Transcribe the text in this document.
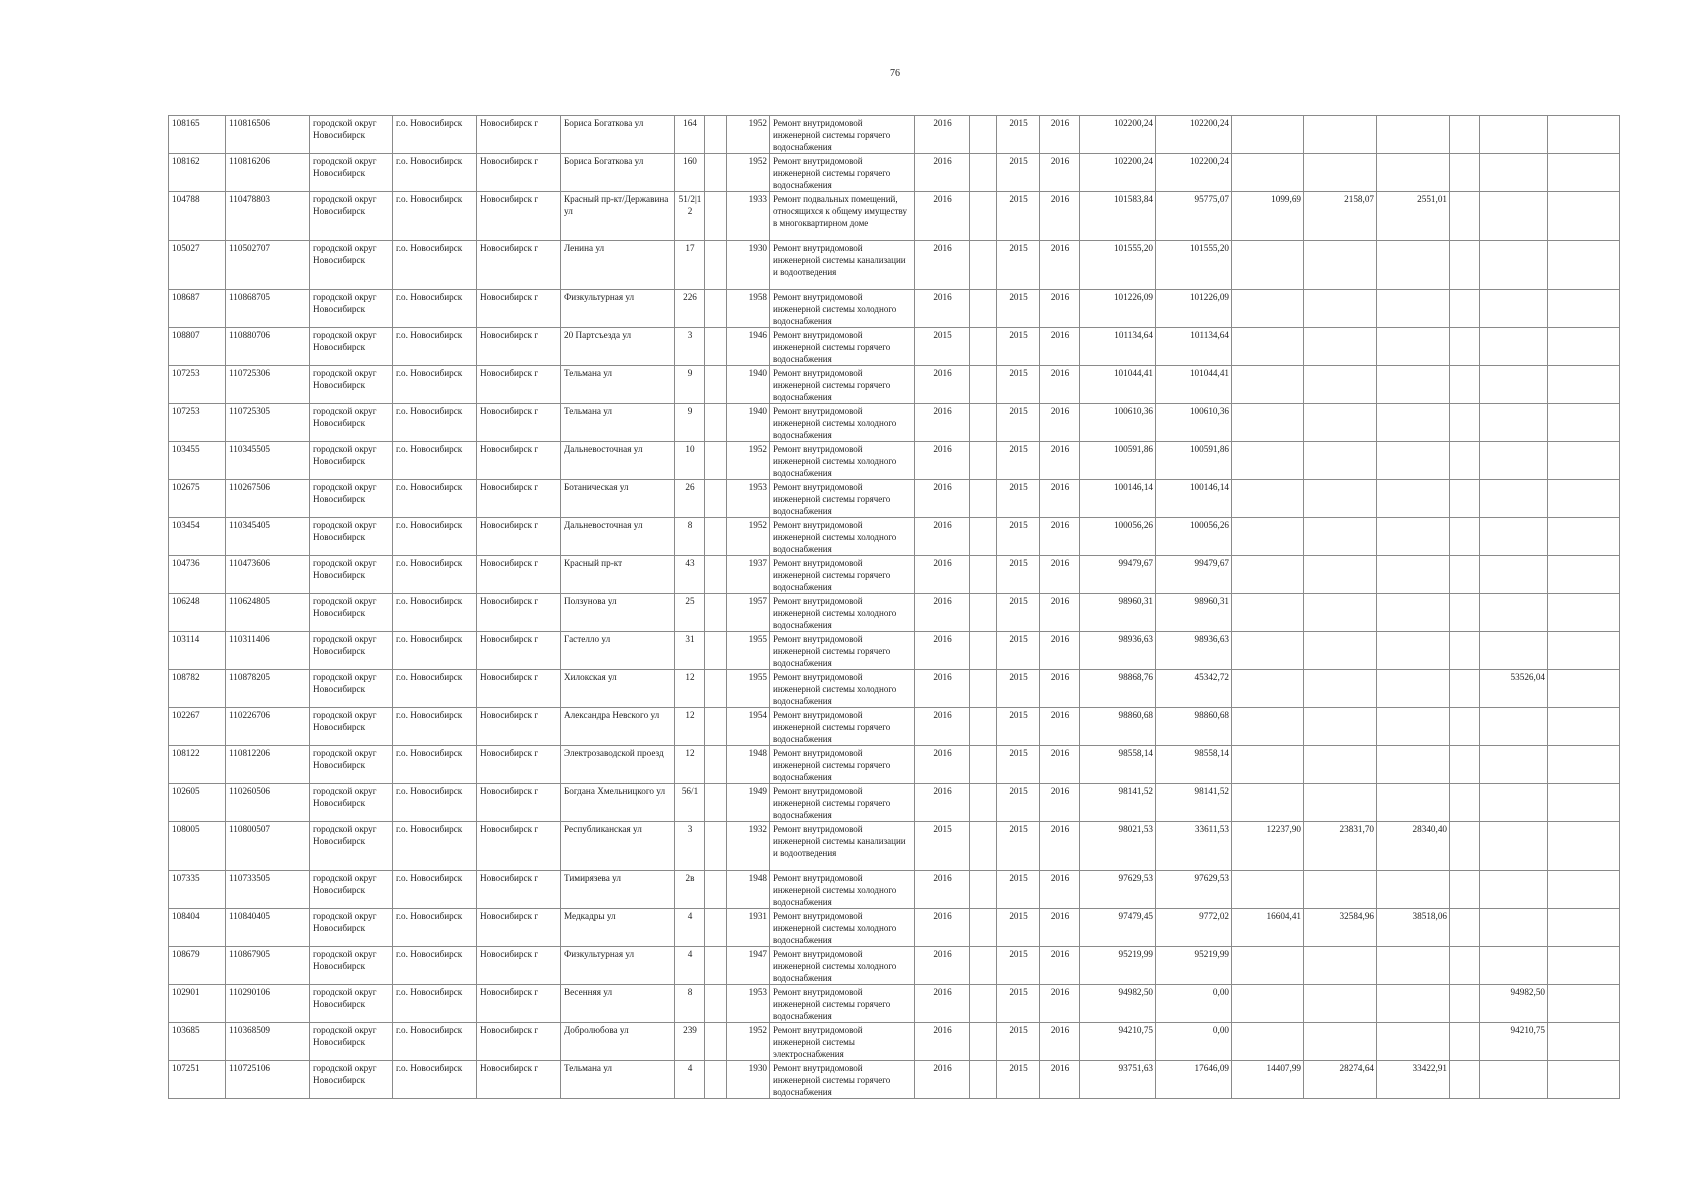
76
108165	110816506	городской округ Новосибирск	г.о. Новосибирск	Новосибирск г	Бориса Богаткова ул	164		1952	Ремонт внутридомовой инженерной системы горячего водоснабжения	2016		2015	2016	102200,24	102200,24						
108162	110816206	городской округ Новосибирск	г.о. Новосибирск	Новосибирск г	Бориса Богаткова ул	160		1952	Ремонт внутридомовой инженерной системы горячего водоснабжения	2016		2015	2016	102200,24	102200,24						
104788	110478803	городской округ Новосибирск	г.о. Новосибирск	Новосибирск г	Красный пр-кт/Державина ул	51/2|12		1933	Ремонт подвальных помещений, относящихся к общему имуществу в многоквартирном доме	2016		2015	2016	101583,84	95775,07	1099,69	2158,07	2551,01			
105027	110502707	городской округ Новосибирск	г.о. Новосибирск	Новосибирск г	Ленина ул	17		1930	Ремонт внутридомовой инженерной системы канализации и водоотведения	2016		2015	2016	101555,20	101555,20						
108687	110868705	городской округ Новосибирск	г.о. Новосибирск	Новосибирск г	Физкультурная ул	226		1958	Ремонт внутридомовой инженерной системы холодного водоснабжения	2016		2015	2016	101226,09	101226,09						
108807	110880706	городской округ Новосибирск	г.о. Новосибирск	Новосибирск г	20 Партсъезда ул	3		1946	Ремонт внутридомовой инженерной системы горячего водоснабжения	2015		2015	2016	101134,64	101134,64						
107253	110725306	городской округ Новосибирск	г.о. Новосибирск	Новосибирск г	Тельмана ул	9		1940	Ремонт внутридомовой инженерной системы горячего водоснабжения	2016		2015	2016	101044,41	101044,41						
107253	110725305	городской округ Новосибирск	г.о. Новосибирск	Новосибирск г	Тельмана ул	9		1940	Ремонт внутридомовой инженерной системы холодного водоснабжения	2016		2015	2016	100610,36	100610,36						
103455	110345505	городской округ Новосибирск	г.о. Новосибирск	Новосибирск г	Дальневосточная ул	10		1952	Ремонт внутридомовой инженерной системы холодного водоснабжения	2016		2015	2016	100591,86	100591,86						
102675	110267506	городской округ Новосибирск	г.о. Новосибирск	Новосибирск г	Ботаническая ул	26		1953	Ремонт внутридомовой инженерной системы горячего водоснабжения	2016		2015	2016	100146,14	100146,14						
103454	110345405	городской округ Новосибирск	г.о. Новосибирск	Новосибирск г	Дальневосточная ул	8		1952	Ремонт внутридомовой инженерной системы холодного водоснабжения	2016		2015	2016	100056,26	100056,26						
104736	110473606	городской округ Новосибирск	г.о. Новосибирск	Новосибирск г	Красный пр-кт	43		1937	Ремонт внутридомовой инженерной системы горячего водоснабжения	2016		2015	2016	99479,67	99479,67						
106248	110624805	городской округ Новосибирск	г.о. Новосибирск	Новосибирск г	Ползунова ул	25		1957	Ремонт внутридомовой инженерной системы холодного водоснабжения	2016		2015	2016	98960,31	98960,31						
103114	110311406	городской округ Новосибирск	г.о. Новосибирск	Новосибирск г	Гастелло ул	31		1955	Ремонт внутридомовой инженерной системы горячего водоснабжения	2016		2015	2016	98936,63	98936,63						
108782	110878205	городской округ Новосибирск	г.о. Новосибирск	Новосибирск г	Хилокская ул	12		1955	Ремонт внутридомовой инженерной системы холодного водоснабжения	2016		2015	2016	98868,76	45342,72					53526,04	
102267	110226706	городской округ Новосибирск	г.о. Новосибирск	Новосибирск г	Александра Невского ул	12		1954	Ремонт внутридомовой инженерной системы горячего водоснабжения	2016		2015	2016	98860,68	98860,68						
108122	110812206	городской округ Новосибирск	г.о. Новосибирск	Новосибирск г	Электрозаводской проезд	12		1948	Ремонт внутридомовой инженерной системы горячего водоснабжения	2016		2015	2016	98558,14	98558,14						
102605	110260506	городской округ Новосибирск	г.о. Новосибирск	Новосибирск г	Богдана Хмельницкого ул	56/1		1949	Ремонт внутридомовой инженерной системы горячего водоснабжения	2016		2015	2016	98141,52	98141,52						
108005	110800507	городской округ Новосибирск	г.о. Новосибирск	Новосибирск г	Республиканская ул	3		1932	Ремонт внутридомовой инженерной системы канализации и водоотведения	2015		2015	2016	98021,53	33611,53	12237,90	23831,70	28340,40			
107335	110733505	городской округ Новосибирск	г.о. Новосибирск	Новосибирск г	Тимирязева ул	2в		1948	Ремонт внутридомовой инженерной системы холодного водоснабжения	2016		2015	2016	97629,53	97629,53						
108404	110840405	городской округ Новосибирск	г.о. Новосибирск	Новосибирск г	Медкадры ул	4		1931	Ремонт внутридомовой инженерной системы холодного водоснабжения	2016		2015	2016	97479,45	9772,02	16604,41	32584,96	38518,06			
108679	110867905	городской округ Новосибирск	г.о. Новосибирск	Новосибирск г	Физкультурная ул	4		1947	Ремонт внутридомовой инженерной системы холодного водоснабжения	2016		2015	2016	95219,99	95219,99						
102901	110290106	городской округ Новосибирск	г.о. Новосибирск	Новосибирск г	Весенняя ул	8		1953	Ремонт внутридомовой инженерной системы горячего водоснабжения	2016		2015	2016	94982,50	0,00					94982,50	
103685	110368509	городской округ Новосибирск	г.о. Новосибирск	Новосибирск г	Добролюбова ул	239		1952	Ремонт внутридомовой инженерной системы электроснабжения	2016		2015	2016	94210,75	0,00					94210,75	
107251	110725106	городской округ Новосибирск	г.о. Новосибирск	Новосибирск г	Тельмана ул	4		1930	Ремонт внутридомовой инженерной системы горячего водоснабжения	2016		2015	2016	93751,63	17646,09	14407,99	28274,64	33422,91			
